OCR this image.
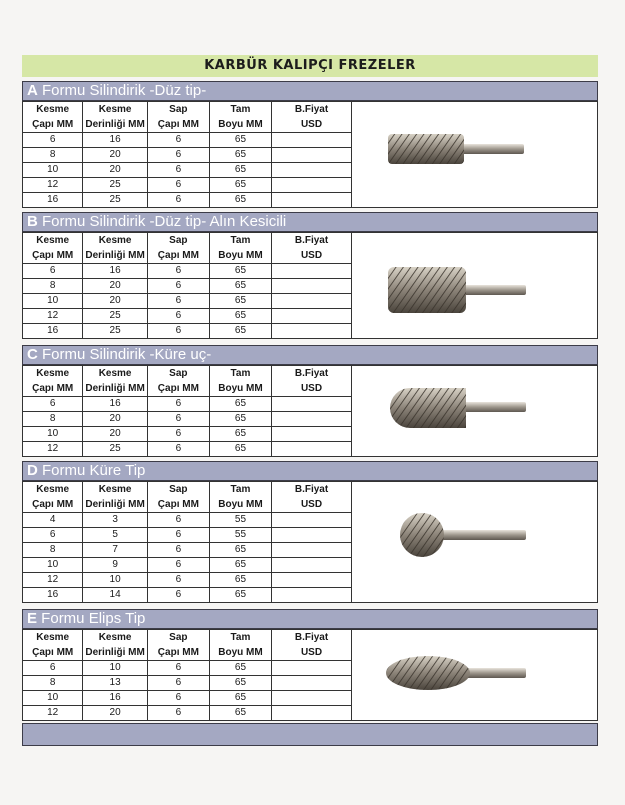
KARBÜR KALIPÇI FREZELER
A Formu Silindirik -Düz tip-
Kesme	Kesme	Sap	Tam	B.Fiyat
Çapı MM	Derinliği MM	Çapı MM	Boyu MM	USD
6	16	6	65	
8	20	6	65	
10	20	6	65	
12	25	6	65	
16	25	6	65	
B Formu Silindirik -Düz tip- Alın Kesicili
Kesme	Kesme	Sap	Tam	B.Fiyat
Çapı MM	Derinliği MM	Çapı MM	Boyu MM	USD
6	16	6	65	
8	20	6	65	
10	20	6	65	
12	25	6	65	
16	25	6	65	
C Formu Silindirik -Küre uç-
Kesme	Kesme	Sap	Tam	B.Fiyat
Çapı MM	Derinliği MM	Çapı MM	Boyu MM	USD
6	16	6	65	
8	20	6	65	
10	20	6	65	
12	25	6	65	
D Formu Küre Tip
Kesme	Kesme	Sap	Tam	B.Fiyat
Çapı MM	Derinliği MM	Çapı MM	Boyu MM	USD
4	3	6	55	
6	5	6	55	
8	7	6	65	
10	9	6	65	
12	10	6	65	
16	14	6	65	
E Formu Elips Tip
Kesme	Kesme	Sap	Tam	B.Fiyat
Çapı MM	Derinliği MM	Çapı MM	Boyu MM	USD
6	10	6	65	
8	13	6	65	
10	16	6	65	
12	20	6	65	
